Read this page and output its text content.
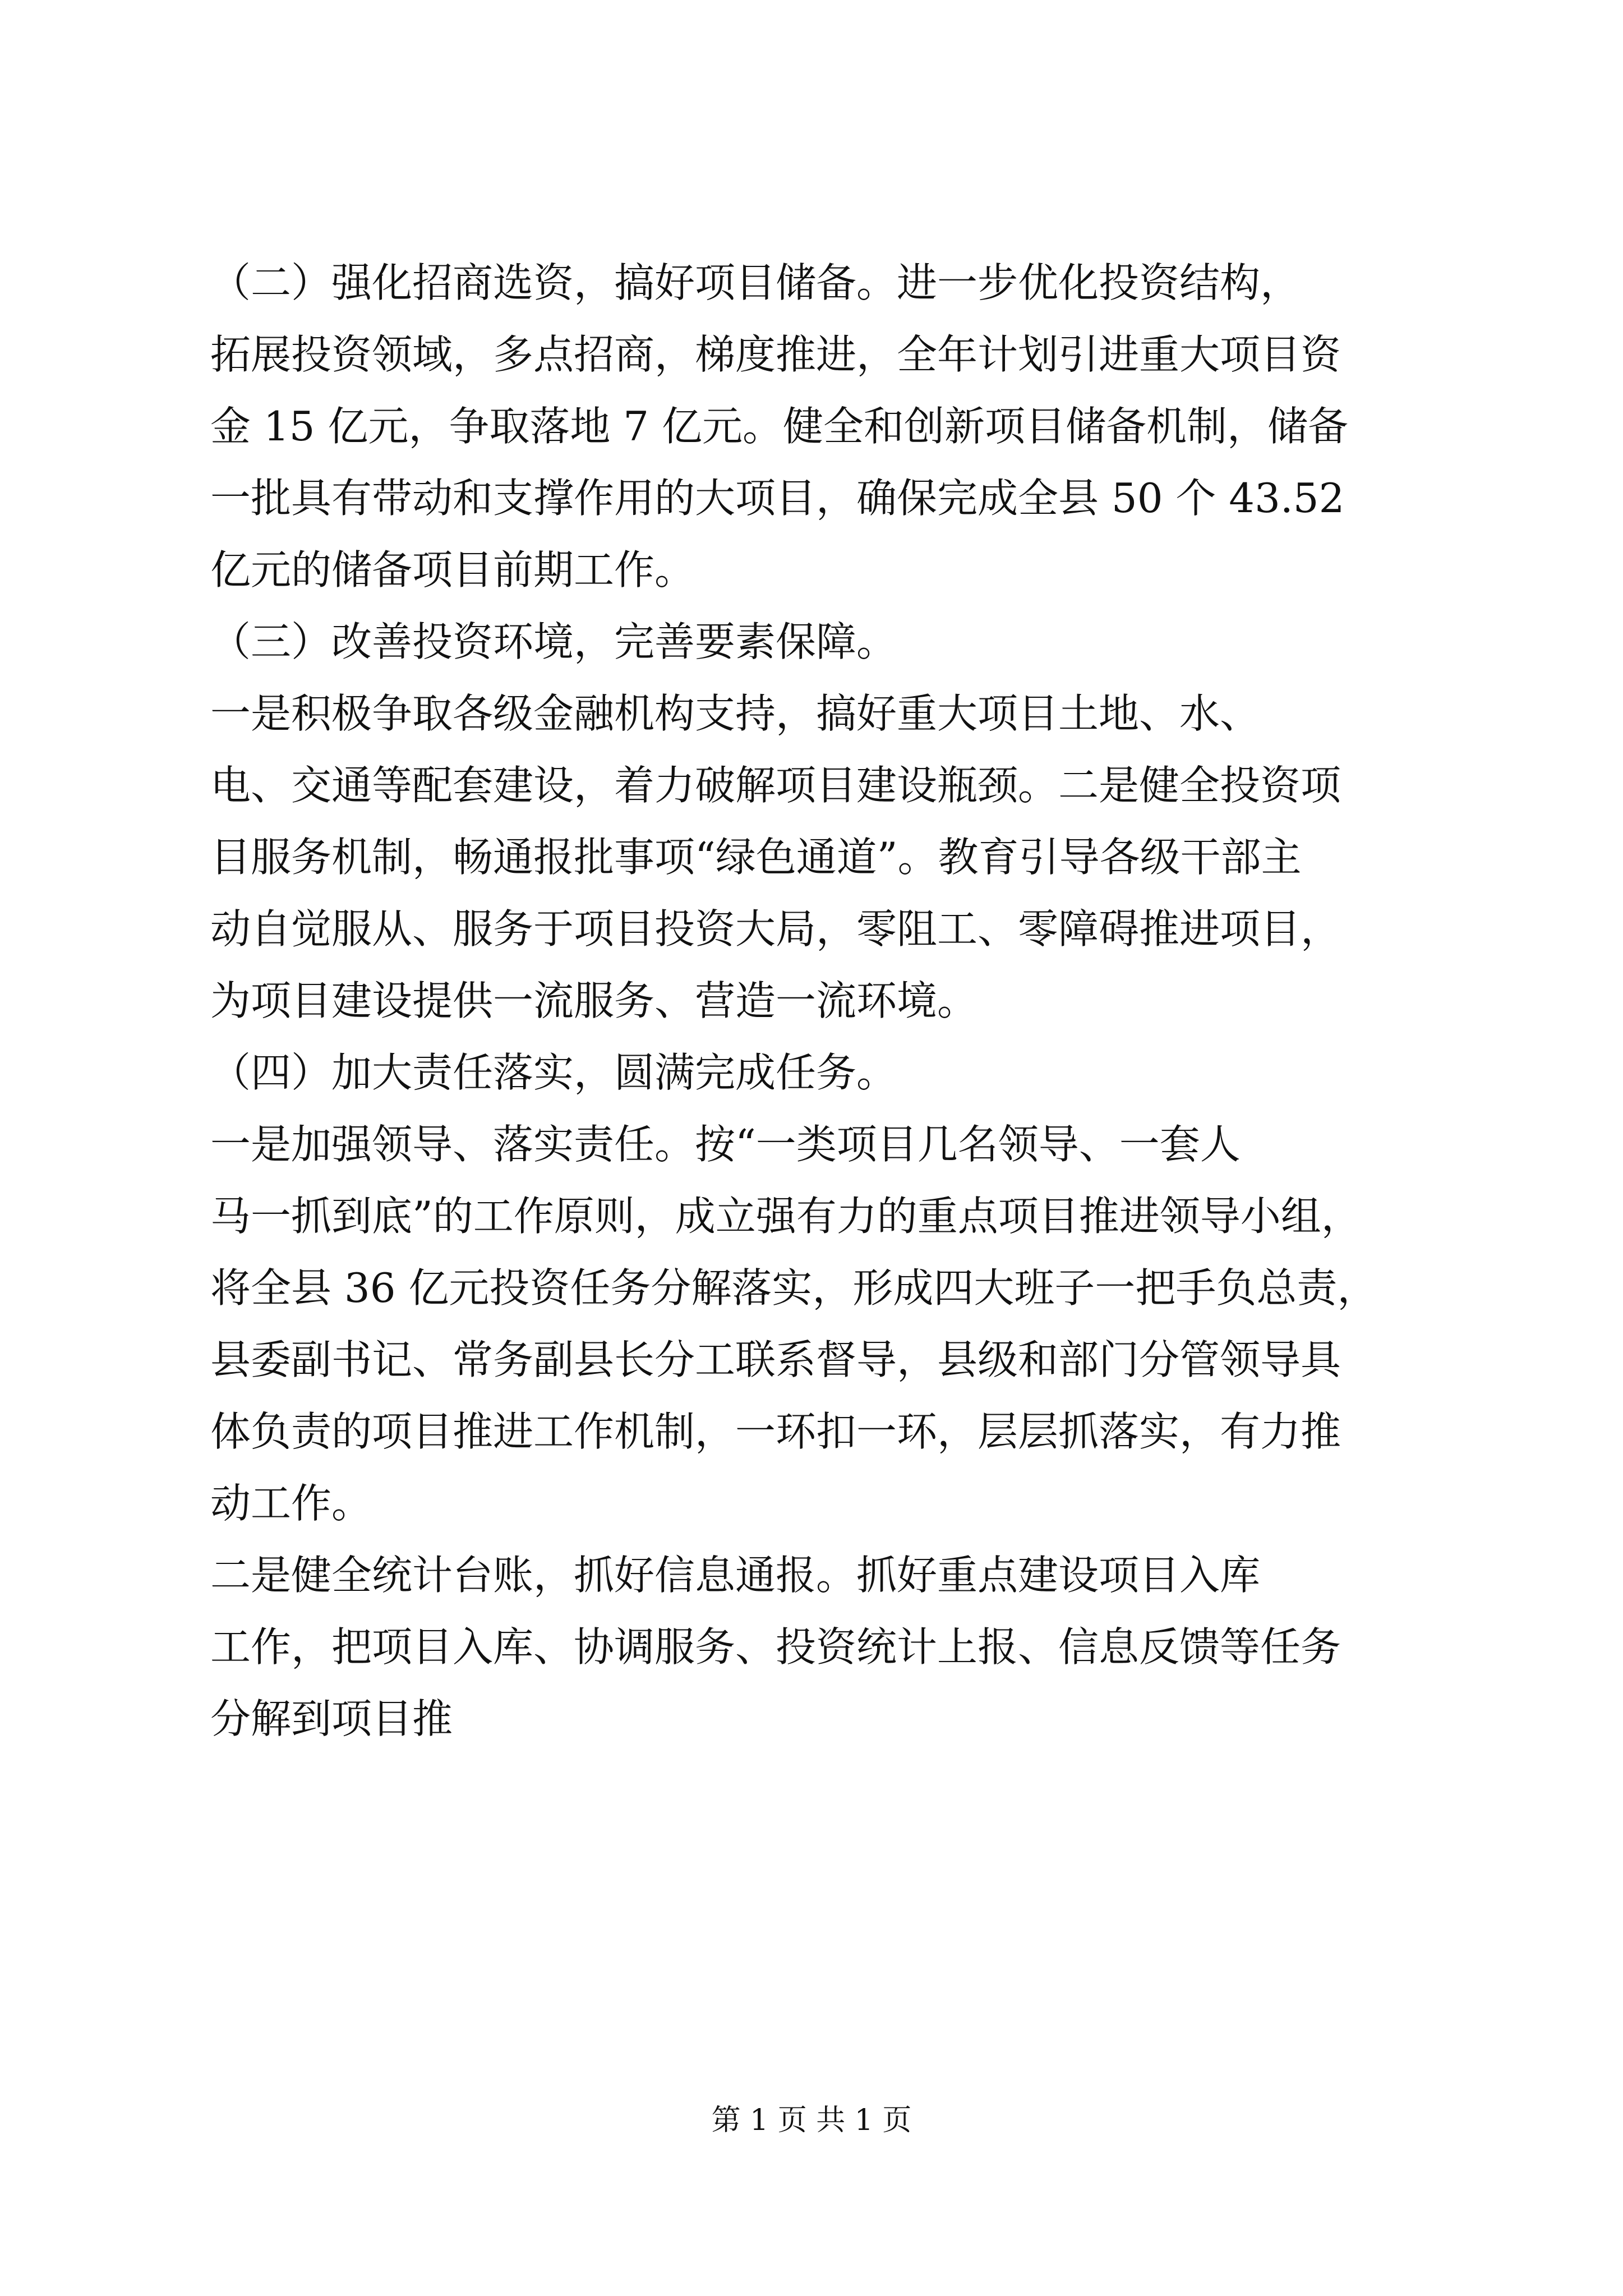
（二）强化招商选资，搞好项目储备。进一步优化投资结构，
拓展投资领域，多点招商，梯度推进，全年计划引进重大项目资
金 15 亿元，争取落地 7 亿元。健全和创新项目储备机制，储备
一批具有带动和支撑作用的大项目，确保完成全县 50 个 43.52
亿元的储备项目前期工作。
（三）改善投资环境，完善要素保障。
一是积极争取各级金融机构支持，搞好重大项目土地、水、
电、交通等配套建设，着力破解项目建设瓶颈。二是健全投资项
目服务机制，畅通报批事项“绿色通道”。教育引导各级干部主
动自觉服从、服务于项目投资大局，零阻工、零障碍推进项目，
为项目建设提供一流服务、营造一流环境。
（四）加大责任落实，圆满完成任务。
一是加强领导、落实责任。按“一类项目几名领导、一套人
马一抓到底”的工作原则，成立强有力的重点项目推进领导小组，
将全县 36 亿元投资任务分解落实，形成四大班子一把手负总责，
县委副书记、常务副县长分工联系督导，县级和部门分管领导具
体负责的项目推进工作机制，一环扣一环，层层抓落实，有力推
动工作。
二是健全统计台账，抓好信息通报。抓好重点建设项目入库
工作，把项目入库、协调服务、投资统计上报、信息反馈等任务
分解到项目推
第 1 页 共 1 页
